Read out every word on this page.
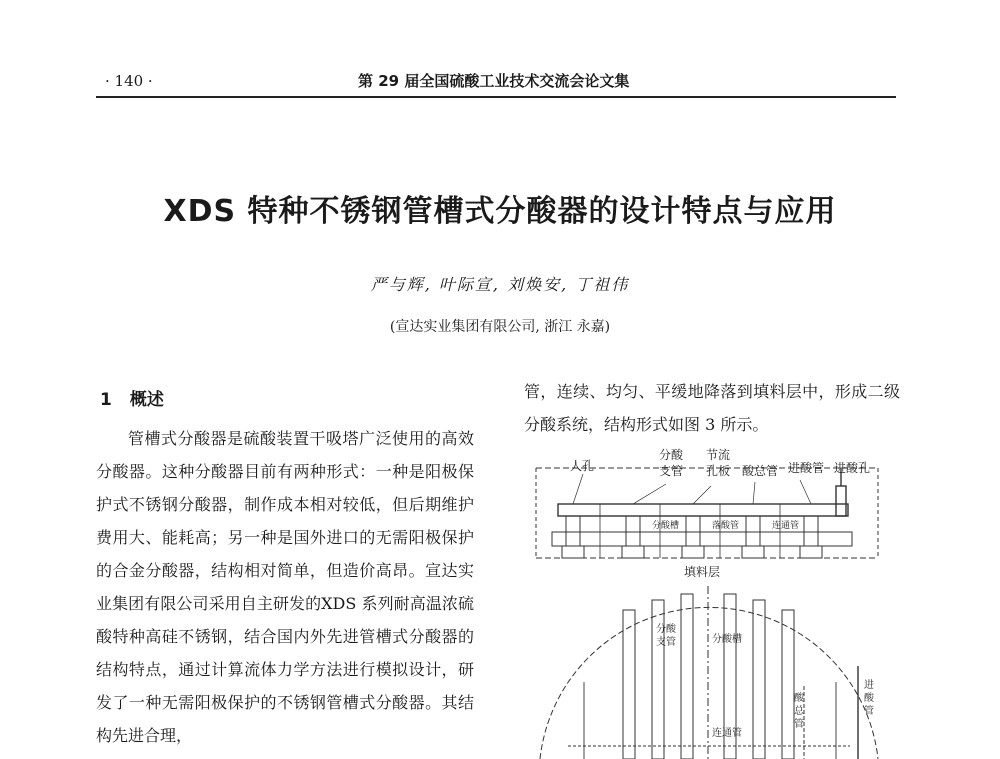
· 140 ·	第 29 届全国硫酸工业技术交流会论文集
XDS 特种不锈钢管槽式分酸器的设计特点与应用
严与辉, 叶际宣, 刘焕安, 丁祖伟
(宣达实业集团有限公司, 浙江 永嘉)
1 概述
管槽式分酸器是硫酸装置干吸塔广泛使用的高效分酸器。这种分酸器目前有两种形式：一种是阳极保护式不锈钢分酸器，制作成本相对较低，但后期维护费用大、能耗高；另一种是国外进口的无需阳极保护的合金分酸器，结构相对简单，但造价高昂。宣达实业集团有限公司采用自主研发的XDS 系列耐高温浓硫酸特种高硅不锈钢，结合国内外先进管槽式分酸器的结构特点，通过计算流体力学方法进行模拟设计，研发了一种无需阳极保护的不锈钢管槽式分酸器。其结构先进合理，
管，连续、均匀、平缓地降落到填料层中，形成二级分酸系统，结构形式如图 3 所示。
人孔
分酸
支管
节流
孔板 酸总管 进酸管 进酸孔
分酸槽	落酸管	连通管
填料层
分酸
支管	分酸槽
连通管
酸
总
管
进
酸
管
